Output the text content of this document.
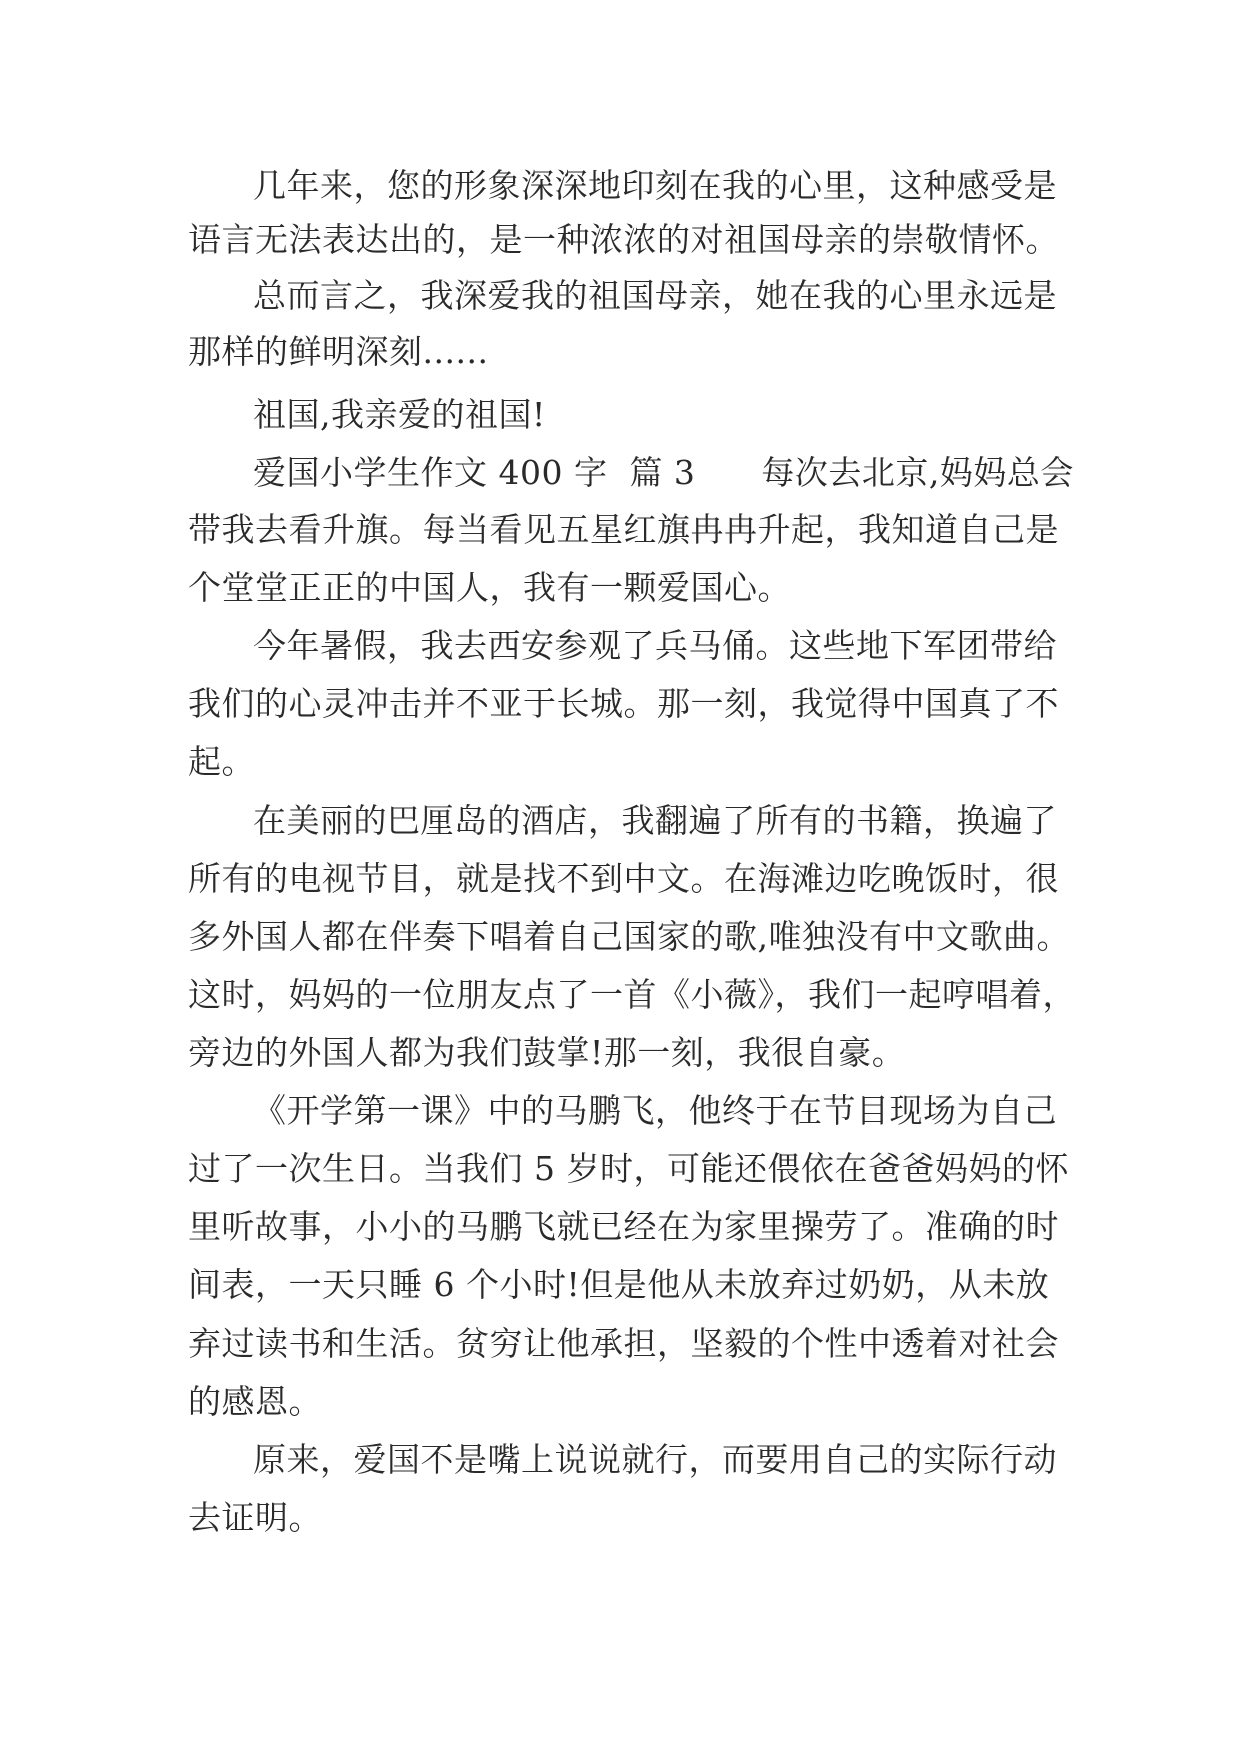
几年来，您的形象深深地印刻在我的心里，这种感受是

语言无法表达出的，是一种浓浓的对祖国母亲的崇敬情怀。

总而言之，我深爱我的祖国母亲，她在我的心里永远是

那样的鲜明深刻......

祖国,我亲爱的祖国!

爱国小学生作文 400 字  篇 3      每次去北京,妈妈总会

带我去看升旗。每当看见五星红旗冉冉升起，我知道自己是

个堂堂正正的中国人，我有一颗爱国心。

今年暑假，我去西安参观了兵马俑。这些地下军团带给

我们的心灵冲击并不亚于长城。那一刻，我觉得中国真了不

起。

在美丽的巴厘岛的酒店，我翻遍了所有的书籍，换遍了

所有的电视节目，就是找不到中文。在海滩边吃晚饭时，很

多外国人都在伴奏下唱着自己国家的歌,唯独没有中文歌曲。

这时，妈妈的一位朋友点了一首《小薇》，我们一起哼唱着，

旁边的外国人都为我们鼓掌!那一刻，我很自豪。

《开学第一课》中的马鹏飞，他终于在节目现场为自己

过了一次生日。当我们 5 岁时，可能还偎依在爸爸妈妈的怀

里听故事，小小的马鹏飞就已经在为家里操劳了。准确的时

间表，一天只睡 6 个小时!但是他从未放弃过奶奶，从未放

弃过读书和生活。贫穷让他承担，坚毅的个性中透着对社会

的感恩。

原来，爱国不是嘴上说说就行，而要用自己的实际行动

去证明。
